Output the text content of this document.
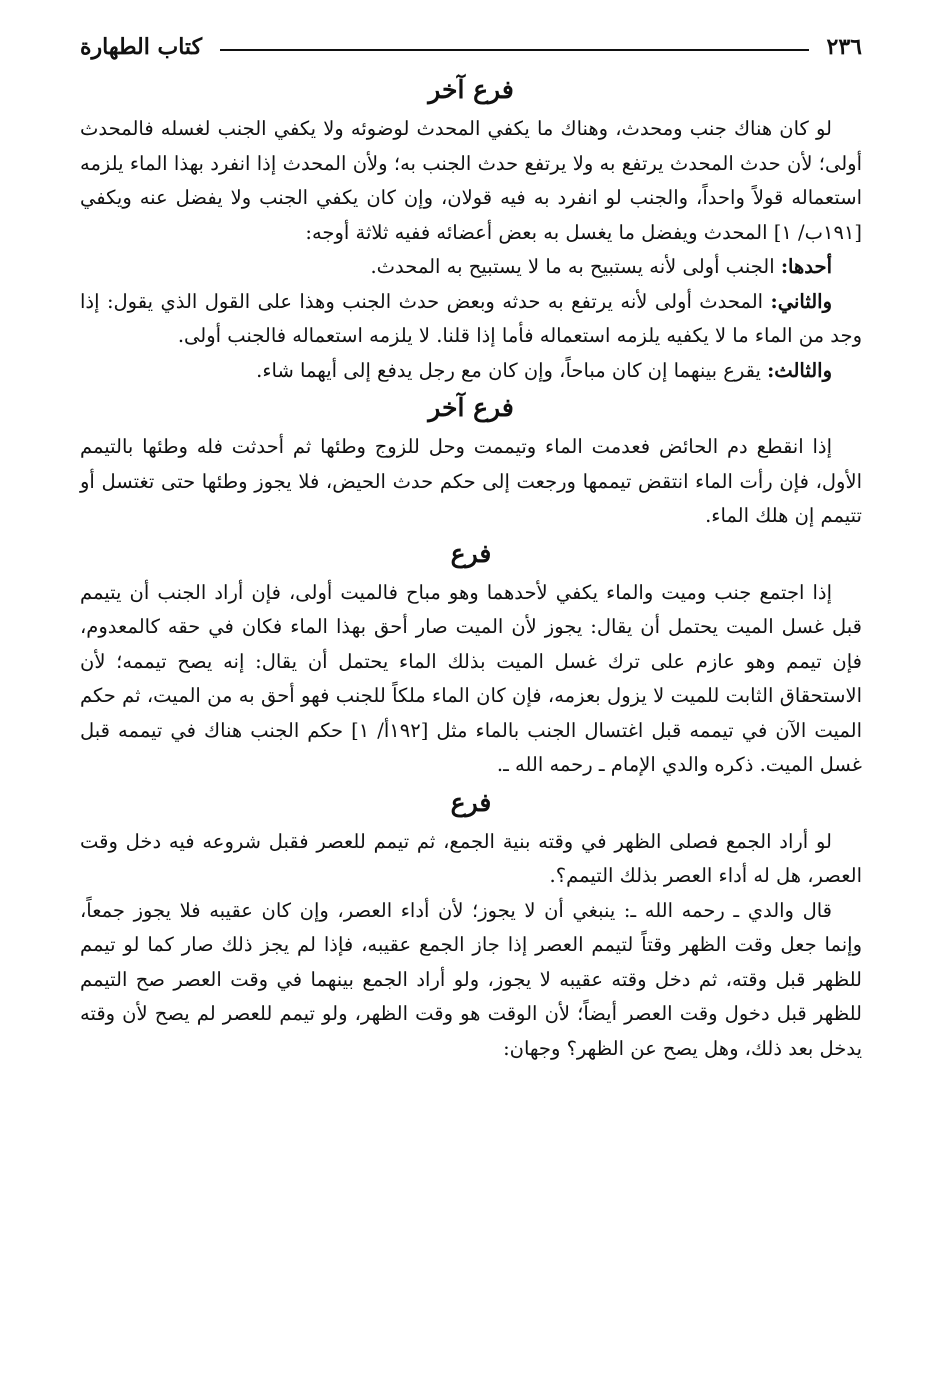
٢٣٦
كتاب الطهارة
فرع آخر

لو كان هناك جنب ومحدث، وهناك ما يكفي المحدث لوضوئه ولا يكفي الجنب لغسله فالمحدث أولى؛ لأن حدث المحدث يرتفع به ولا يرتفع حدث الجنب به؛ ولأن المحدث إذا انفرد بهذا الماء يلزمه استعماله قولاً واحداً، والجنب لو انفرد به فيه قولان، وإن كان يكفي الجنب ولا يفضل عنه ويكفي [١٩١ب/ ١] المحدث ويفضل ما يغسل به بعض أعضائه ففيه ثلاثة أوجه:

أحدها: الجنب أولى لأنه يستبيح به ما لا يستبيح به المحدث.

والثاني: المحدث أولى لأنه يرتفع به حدثه وبعض حدث الجنب وهذا على القول الذي يقول: إذا وجد من الماء ما لا يكفيه يلزمه استعماله فأما إذا قلنا. لا يلزمه استعماله فالجنب أولى.

والثالث: يقرع بينهما إن كان مباحاً، وإن كان مع رجل يدفع إلى أيهما شاء.

فرع آخر

إذا انقطع دم الحائض فعدمت الماء وتيممت وحل للزوج وطئها ثم أحدثت فله وطئها بالتيمم الأول، فإن رأت الماء انتقض تيممها ورجعت إلى حكم حدث الحيض، فلا يجوز وطئها حتى تغتسل أو تتيمم إن هلك الماء.

فرع

إذا اجتمع جنب وميت والماء يكفي لأحدهما وهو مباح فالميت أولى، فإن أراد الجنب أن يتيمم قبل غسل الميت يحتمل أن يقال: يجوز لأن الميت صار أحق بهذا الماء فكان في حقه كالمعدوم، فإن تيمم وهو عازم على ترك غسل الميت بذلك الماء يحتمل أن يقال: إنه يصح تيممه؛ لأن الاستحقاق الثابت للميت لا يزول بعزمه، فإن كان الماء ملكاً للجنب فهو أحق به من الميت، ثم حكم الميت الآن في تيممه قبل اغتسال الجنب بالماء مثل [١٩٢أ/ ١] حكم الجنب هناك في تيممه قبل غسل الميت. ذكره والدي الإمام ـ رحمه الله ـ.

فرع

لو أراد الجمع فصلى الظهر في وقته بنية الجمع، ثم تيمم للعصر فقبل شروعه فيه دخل وقت العصر، هل له أداء العصر بذلك التيمم؟.

قال والدي ـ رحمه الله ـ: ينبغي أن لا يجوز؛ لأن أداء العصر، وإن كان عقيبه فلا يجوز جمعاً، وإنما جعل وقت الظهر وقتاً لتيمم العصر إذا جاز الجمع عقيبه، فإذا لم يجز ذلك صار كما لو تيمم للظهر قبل وقته، ثم دخل وقته عقيبه لا يجوز، ولو أراد الجمع بينهما في وقت العصر صح التيمم للظهر قبل دخول وقت العصر أيضاً؛ لأن الوقت هو وقت الظهر، ولو تيمم للعصر لم يصح لأن وقته يدخل بعد ذلك، وهل يصح عن الظهر؟ وجهان:
